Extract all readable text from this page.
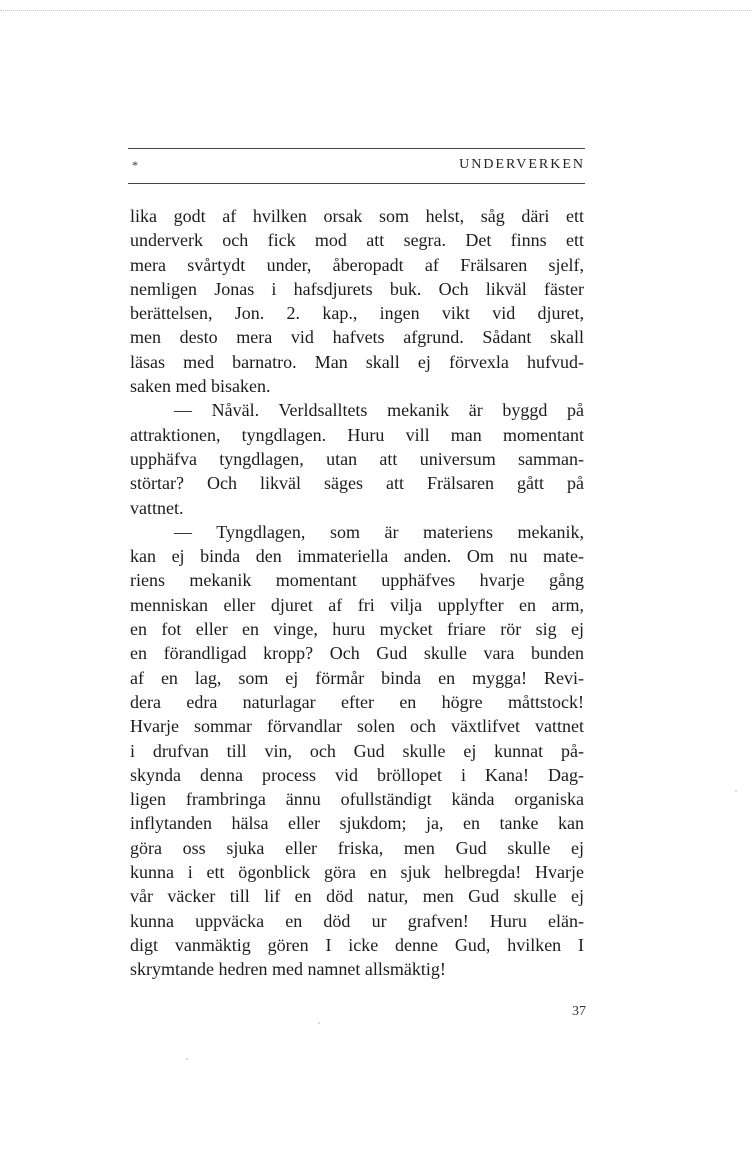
*	UNDERVERKEN
lika godt af hvilken orsak som helst, såg däri ett
underverk och fick mod att segra. Det finns ett
mera svårtydt under, åberopadt af Frälsaren sjelf,
nemligen Jonas i hafsdjurets buk. Och likväl fäster
berättelsen, Jon. 2. kap., ingen vikt vid djuret,
men desto mera vid hafvets afgrund. Sådant skall
läsas med barnatro. Man skall ej förvexla hufvud-
saken med bisaken.
— Nåväl. Verldsalltets mekanik är byggd på
attraktionen, tyngdlagen. Huru vill man momentant
upphäfva tyngdlagen, utan att universum samman-
störtar? Och likväl säges att Frälsaren gått på
vattnet.
— Tyngdlagen, som är materiens mekanik,
kan ej binda den immateriella anden. Om nu mate-
riens mekanik momentant upphäfves hvarje gång
menniskan eller djuret af fri vilja upplyfter en arm,
en fot eller en vinge, huru mycket friare rör sig ej
en förandligad kropp? Och Gud skulle vara bunden
af en lag, som ej förmår binda en mygga! Revi-
dera edra naturlagar efter en högre måttstock!
Hvarje sommar förvandlar solen och växtlifvet vattnet
i drufvan till vin, och Gud skulle ej kunnat på-
skynda denna process vid bröllopet i Kana! Dag-
ligen frambringa ännu ofullständigt kända organiska
inflytanden hälsa eller sjukdom; ja, en tanke kan
göra oss sjuka eller friska, men Gud skulle ej
kunna i ett ögonblick göra en sjuk helbregda! Hvarje
vår väcker till lif en död natur, men Gud skulle ej
kunna uppväcka en död ur grafven! Huru elän-
digt vanmäktig gören I icke denne Gud, hvilken I
skrymtande hedren med namnet allsmäktig!
37
